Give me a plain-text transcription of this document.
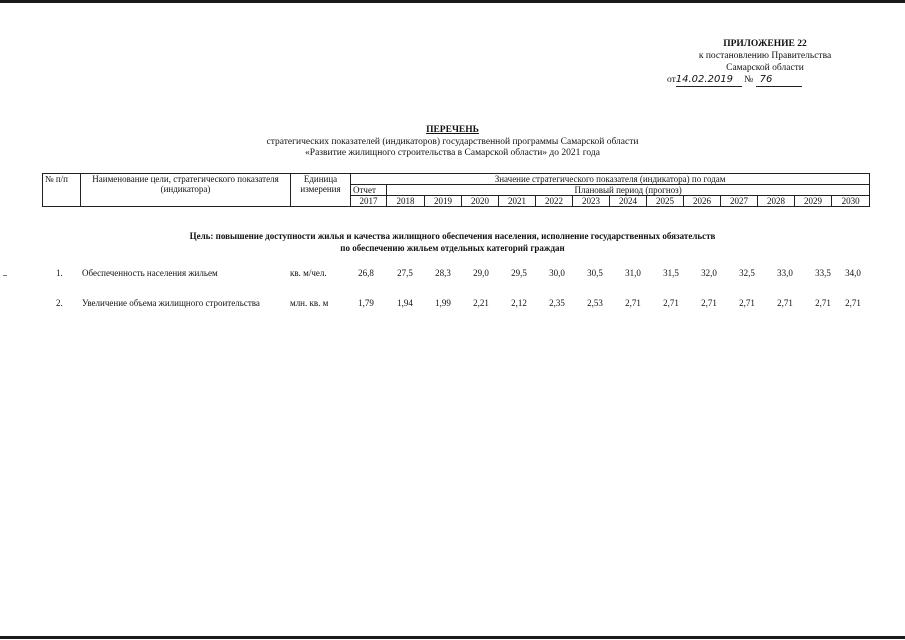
ПРИЛОЖЕНИЕ 22
к постановлению Правительства
Самарской области
от14.02.2019 № 76
ПЕРЕЧЕНЬ
стратегических показателей (индикаторов) государственной программы Самарской области
«Развитие жилищного строительства в Самарской области» до 2021 года
№ п/п	Наименование цели, стратегического показателя (индикатора)	Единица измерения	Значение стратегического показателя (индикатора) по годам													
			Отчет	Плановый период (прогноз)												
			2017	2018	2019	2020	2021	2022	2023	2024	2025	2026	2027	2028	2029	2030
Цель: повышение доступности жилья и качества жилищного обеспечения населения, исполнение государственных обязательств
по обеспечению жильем отдельных категорий граждан
1. Обеспеченность населения жильем	кв. м/чел.	26,8	27,5	28,3	29,0	29,5	30,0	30,5	31,0	31,5	32,0	32,5	33,0	33,5	34,0
2. Увеличение объема жилищного строительства	млн. кв. м	1,79	1,94	1,99	2,21	2,12	2,35	2,53	2,71	2,71	2,71	2,71	2,71	2,71	2,71
